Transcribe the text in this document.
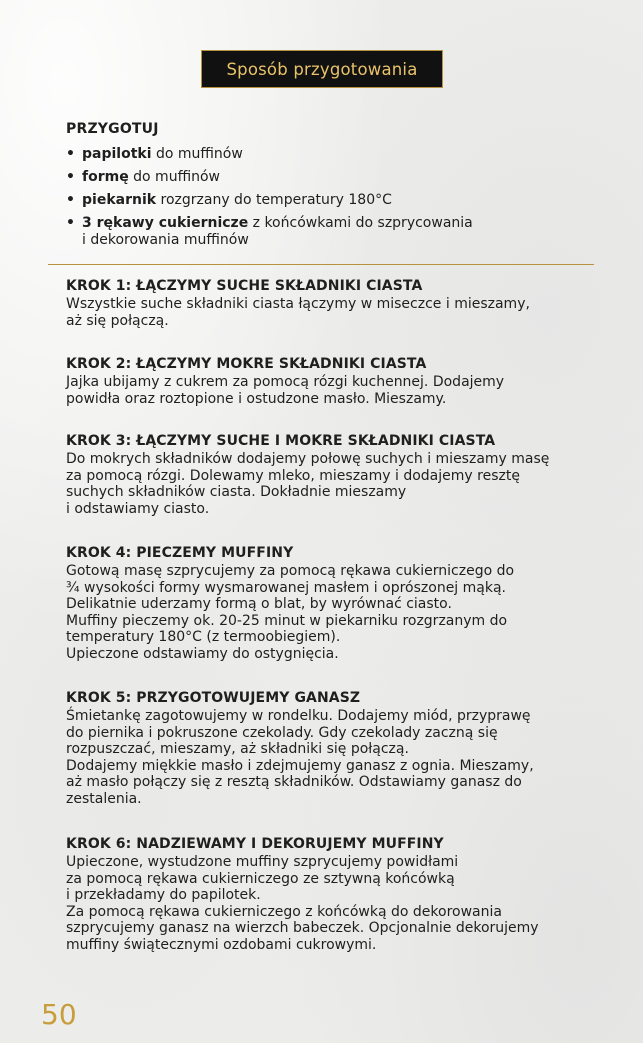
Sposób przygotowania
PRZYGOTUJ
• papilotki do muffinów
• formę do muffinów
• piekarnik rozgrzany do temperatury 180°C
• 3 rękawy cukiernicze z końcówkami do szprycowania
i dekorowania muffinów
KROK 1: ŁĄCZYMY SUCHE SKŁADNIKI CIASTA

Wszystkie suche składniki ciasta łączymy w miseczce i mieszamy,
aż się połączą.

KROK 2: ŁĄCZYMY MOKRE SKŁADNIKI CIASTA

Jajka ubijamy z cukrem za pomocą rózgi kuchennej. Dodajemy
powidła oraz roztopione i ostudzone masło. Mieszamy.

KROK 3: ŁĄCZYMY SUCHE I MOKRE SKŁADNIKI CIASTA

Do mokrych składników dodajemy połowę suchych i mieszamy masę
za pomocą rózgi. Dolewamy mleko, mieszamy i dodajemy resztę
suchych składników ciasta. Dokładnie mieszamy
i odstawiamy ciasto.

KROK 4: PIECZEMY MUFFINY

Gotową masę szprycujemy za pomocą rękawa cukierniczego do
¾ wysokości formy wysmarowanej masłem i oprószonej mąką.
Delikatnie uderzamy formą o blat, by wyrównać ciasto.
Muffiny pieczemy ok. 20-25 minut w piekarniku rozgrzanym do
temperatury 180°C (z termoobiegiem).
Upieczone odstawiamy do ostygnięcia.

KROK 5: PRZYGOTOWUJEMY GANASZ

Śmietankę zagotowujemy w rondelku. Dodajemy miód, przyprawę
do piernika i pokruszone czekolady. Gdy czekolady zaczną się
rozpuszczać, mieszamy, aż składniki się połączą.
Dodajemy miękkie masło i zdejmujemy ganasz z ognia. Mieszamy,
aż masło połączy się z resztą składników. Odstawiamy ganasz do
zestalenia.

KROK 6: NADZIEWAMY I DEKORUJEMY MUFFINY

Upieczone, wystudzone muffiny szprycujemy powidłami
za pomocą rękawa cukierniczego ze sztywną końcówką
i przekładamy do papilotek.
Za pomocą rękawa cukierniczego z końcówką do dekorowania
szprycujemy ganasz na wierzch babeczek. Opcjonalnie dekorujemy
muffiny świątecznymi ozdobami cukrowymi.

50
